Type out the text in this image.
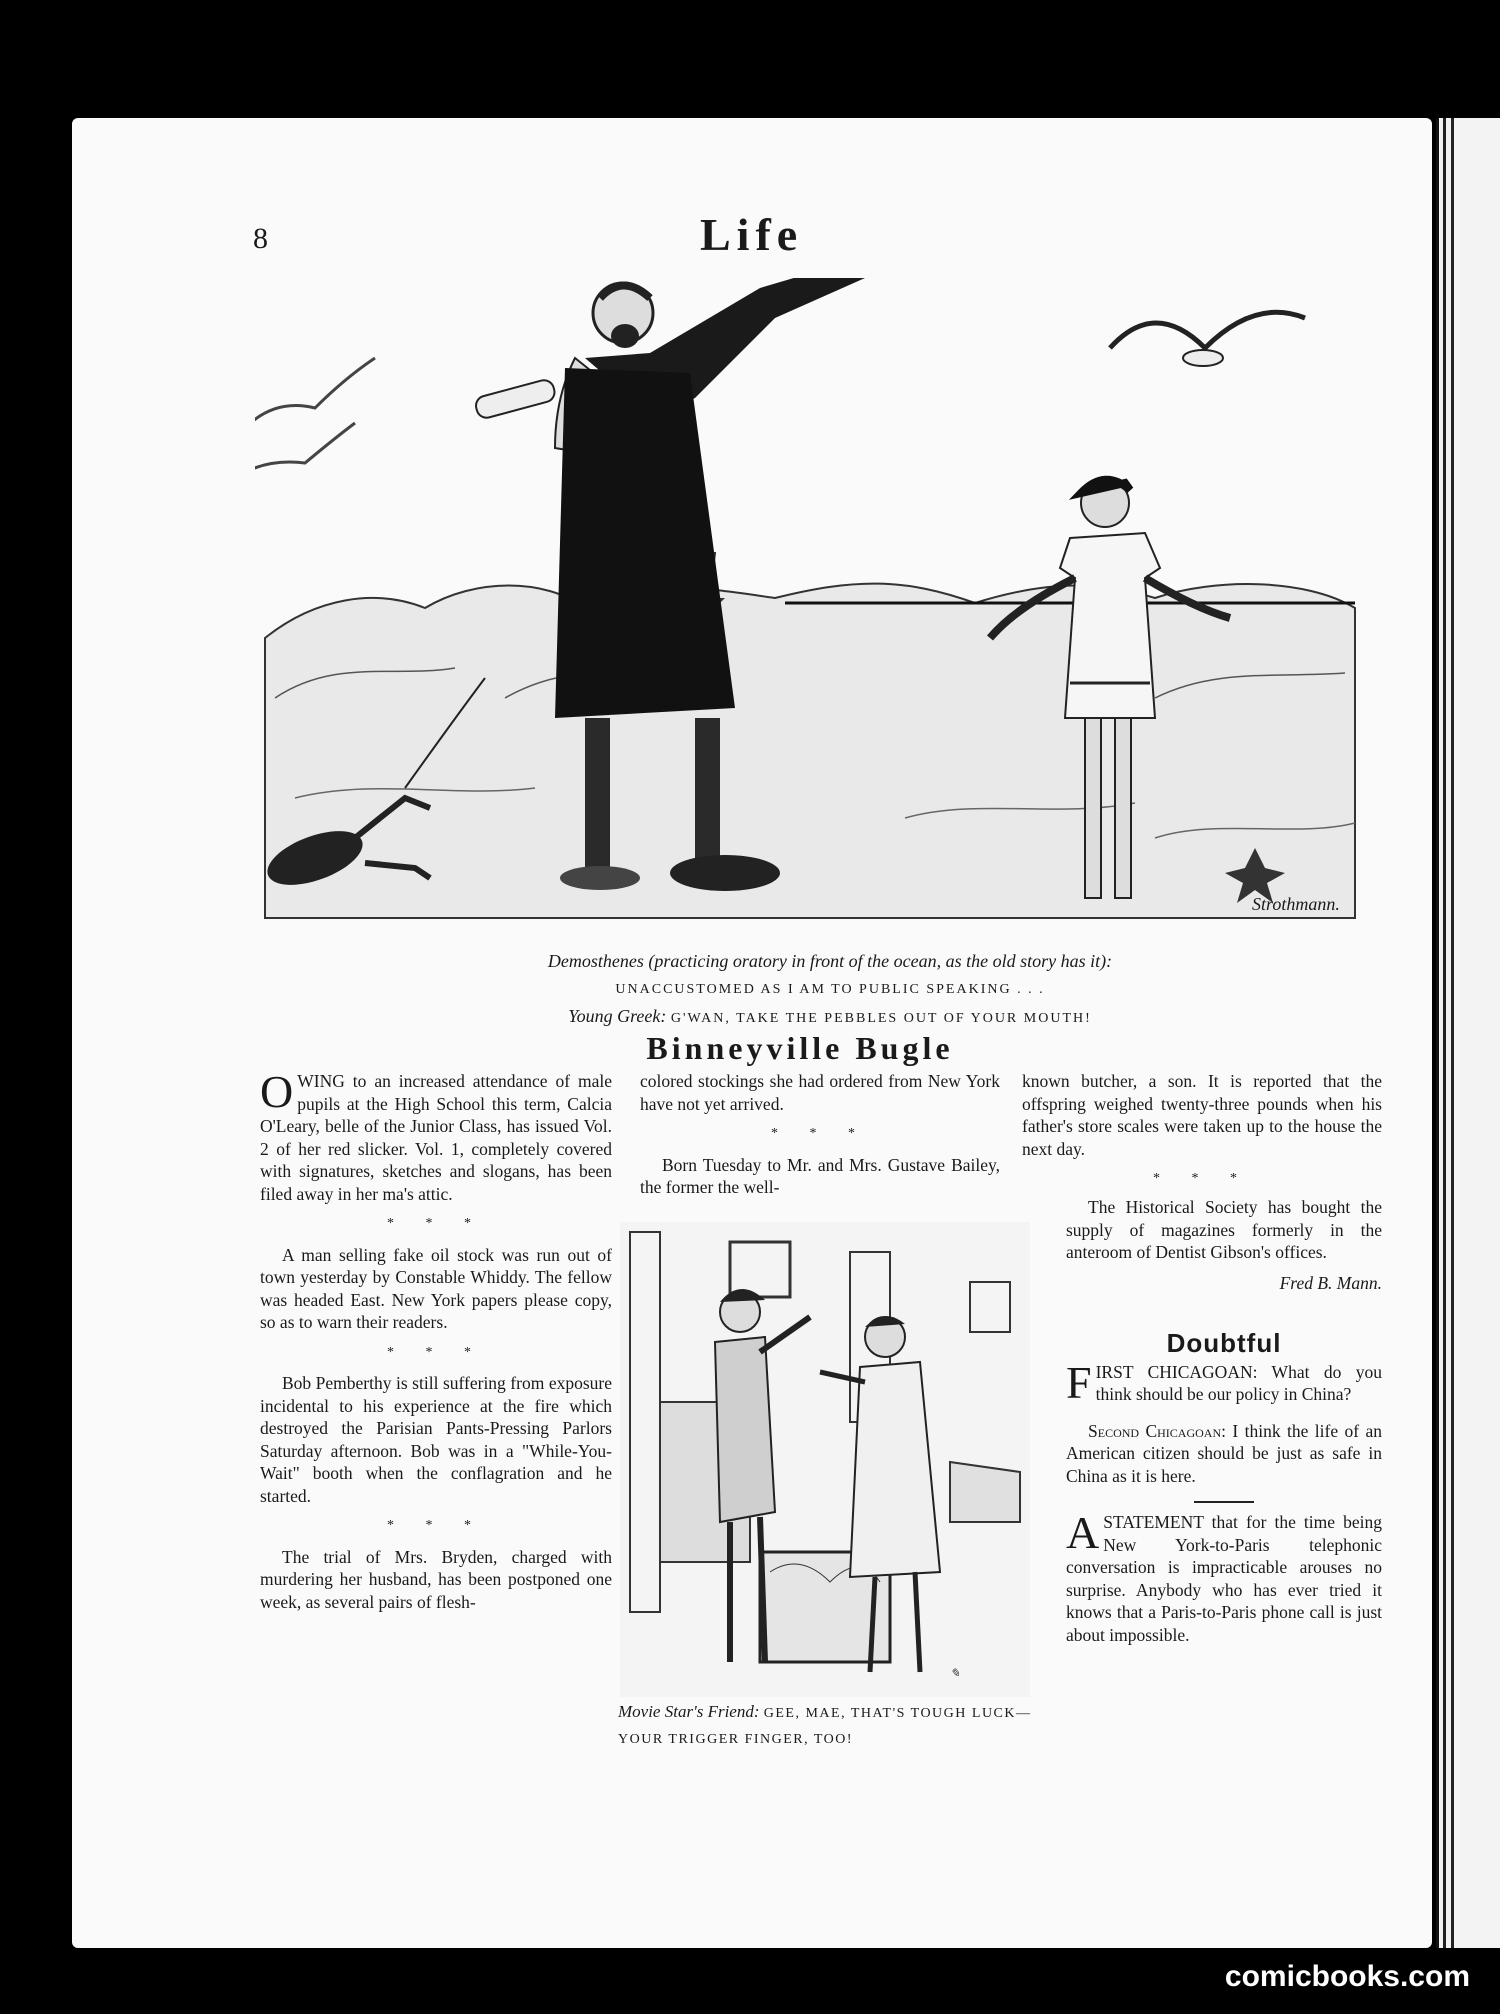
8	Life
Strothmann.
Demosthenes (practicing oratory in front of the ocean, as the old story has it):
UNACCUSTOMED AS I AM TO PUBLIC SPEAKING . . .
Young Greek: G'WAN, TAKE THE PEBBLES OUT OF YOUR MOUTH!
Binneyville Bugle

OWING to an increased attendance of male pupils at the High School this term, Calcia O'Leary, belle of the Junior Class, has issued Vol. 2 of her red slicker. Vol. 1, completely covered with signatures, sketches and slogans, has been filed away in her ma's attic.

* * *

A man selling fake oil stock was run out of town yesterday by Constable Whiddy. The fellow was headed East. New York papers please copy, so as to warn their readers.

* * *

Bob Pemberthy is still suffering from exposure incidental to his experience at the fire which destroyed the Parisian Pants-Pressing Parlors Saturday afternoon. Bob was in a "While-You-Wait" booth when the conflagration and he started.

* * *

The trial of Mrs. Bryden, charged with murdering her husband, has been postponed one week, as several pairs of flesh-

colored stockings she had ordered from New York have not yet arrived.

* * *

Born Tuesday to Mr. and Mrs. Gustave Bailey, the former the well-

known butcher, a son. It is reported that the offspring weighed twenty-three pounds when his father's store scales were taken up to the house the next day.

* * *

The Historical Society has bought the supply of magazines formerly in the anteroom of Dentist Gibson's offices.

Fred B. Mann.
Doubtful

FIRST CHICAGOAN: What do you think should be our policy in China?

Second Chicagoan: I think the life of an American citizen should be just as safe in China as it is here.

A STATEMENT that for the time being New York-to-Paris telephonic conversation is impracticable arouses no surprise. Anybody who has ever tried it knows that a Paris-to-Paris phone call is just about impossible.

✎
Movie Star's Friend: GEE, MAE, THAT'S TOUGH LUCK—YOUR TRIGGER FINGER, TOO!
comicbooks.com
